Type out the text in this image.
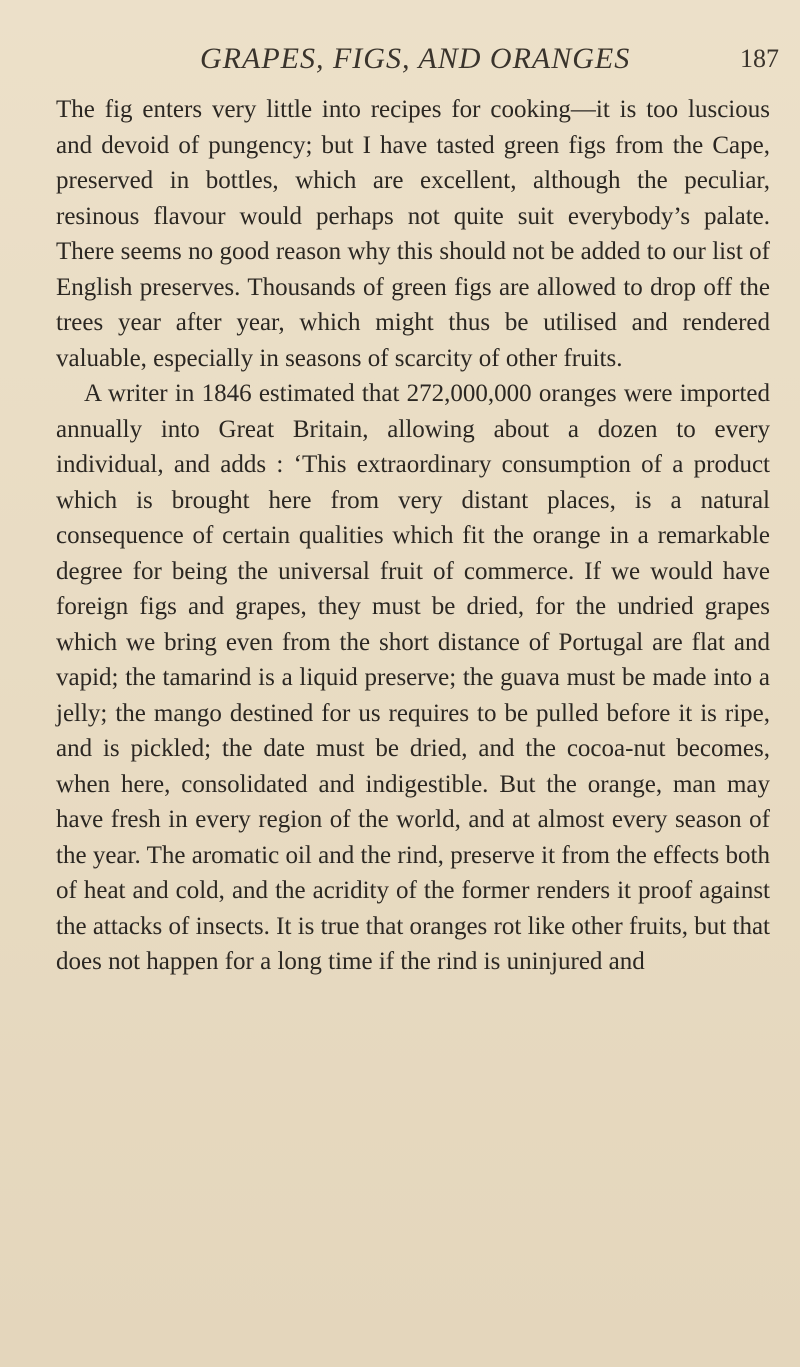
GRAPES, FIGS, AND ORANGES	187

The fig enters very little into recipes for cooking—it is too luscious and devoid of pungency; but I have tasted green figs from the Cape, preserved in bottles, which are excellent, although the peculiar, resinous flavour would perhaps not quite suit everybody’s palate. There seems no good reason why this should not be added to our list of English preserves. Thousands of green figs are allowed to drop off the trees year after year, which might thus be utilised and rendered valuable, especially in seasons of scarcity of other fruits.

A writer in 1846 estimated that 272,000,000 oranges were imported annually into Great Britain, allowing about a dozen to every individual, and adds : ‘This extraordinary consumption of a product which is brought here from very distant places, is a natural consequence of certain qualities which fit the orange in a remarkable degree for being the universal fruit of commerce. If we would have foreign figs and grapes, they must be dried, for the undried grapes which we bring even from the short distance of Portugal are flat and vapid; the tamarind is a liquid preserve; the guava must be made into a jelly; the mango destined for us requires to be pulled before it is ripe, and is pickled; the date must be dried, and the cocoa-nut becomes, when here, consolidated and indigestible. But the orange, man may have fresh in every region of the world, and at almost every season of the year. The aromatic oil and the rind, preserve it from the effects both of heat and cold, and the acridity of the former renders it proof against the attacks of insects. It is true that oranges rot like other fruits, but that does not happen for a long time if the rind is uninjured and
